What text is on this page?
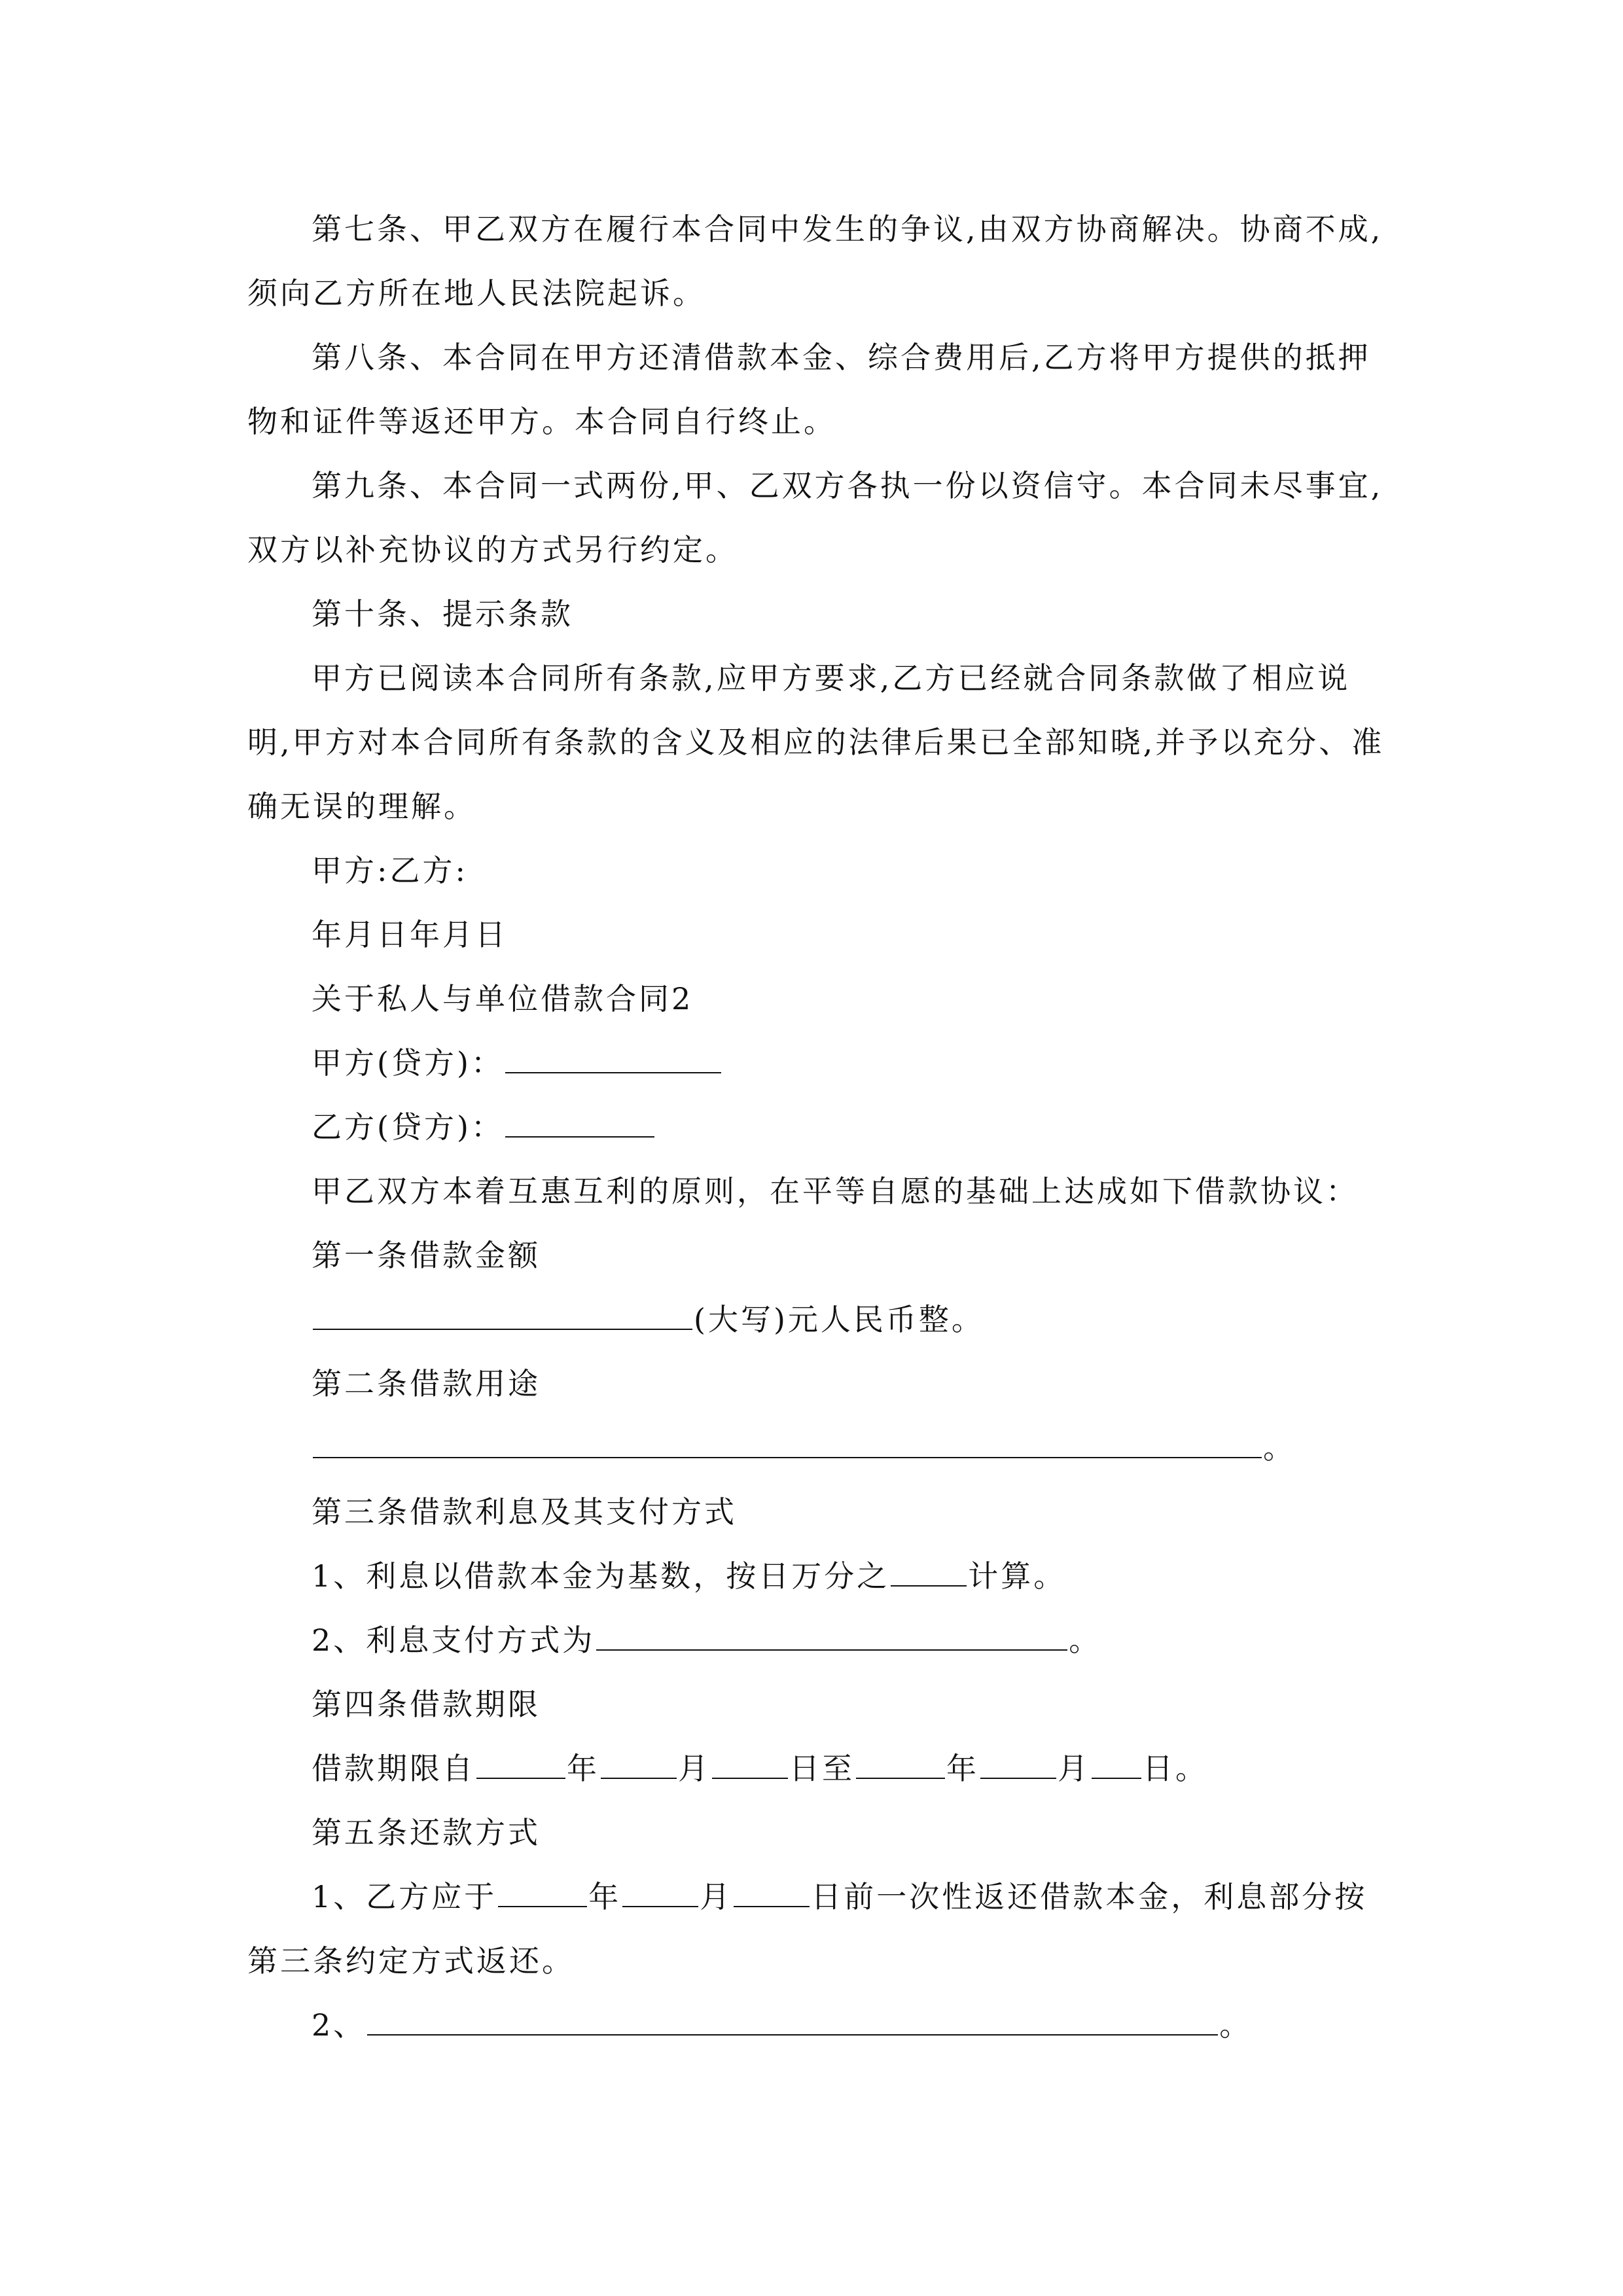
第七条、甲乙双方在履行本合同中发生的争议,由双方协商解决。协商不成,
须向乙方所在地人民法院起诉。
第八条、本合同在甲方还清借款本金、综合费用后,乙方将甲方提供的抵押
物和证件等返还甲方。本合同自行终止。
第九条、本合同一式两份,甲、乙双方各执一份以资信守。本合同未尽事宜,
双方以补充协议的方式另行约定。
第十条、提示条款
甲方已阅读本合同所有条款,应甲方要求,乙方已经就合同条款做了相应说
明,甲方对本合同所有条款的含义及相应的法律后果已全部知晓,并予以充分、准
确无误的理解。
甲方:乙方:
年月日年月日
关于私人与单位借款合同2
甲方(贷方)：
乙方(贷方)：
甲乙双方本着互惠互利的原则，在平等自愿的基础上达成如下借款协议：
第一条借款金额
(大写)元人民币整。
第二条借款用途
。
第三条借款利息及其支付方式
1、利息以借款本金为基数，按日万分之	计算。
2、利息支付方式为	。
第四条借款期限
借款期限自	年	月	日至	年	月 日。
第五条还款方式
1、乙方应于	年	月	日前一次性返还借款本金，利息部分按
第三条约定方式返还。
2、	。
